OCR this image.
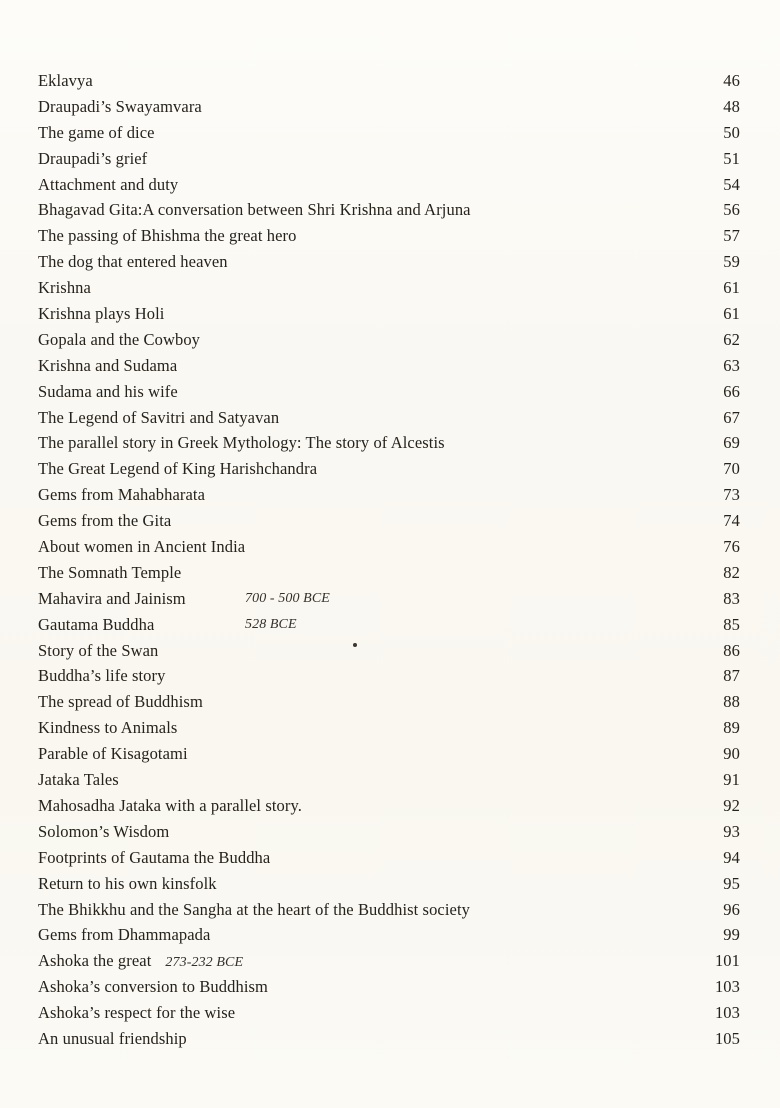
Eklavya	46
Draupadi’s Swayamvara	48
The game of dice	50
Draupadi’s grief	51
Attachment and duty	54
Bhagavad Gita:A conversation between Shri Krishna and Arjuna	56
The passing of Bhishma the great hero	57
The dog that entered heaven	59
Krishna	61
Krishna plays Holi	61
Gopala and the Cowboy	62
Krishna and Sudama	63
Sudama and his wife	66
The Legend of Savitri and Satyavan	67
The parallel story in Greek Mythology: The story of Alcestis	69
The Great Legend of King Harishchandra	70
Gems from Mahabharata	73
Gems from the Gita	74
About women in Ancient India	76
The Somnath Temple	82
Mahavira and Jainism	700 - 500 BCE	83
Gautama Buddha	528 BCE	85
Story of the Swan	86
Buddha’s life story	87
The spread of Buddhism	88
Kindness to Animals	89
Parable of Kisagotami	90
Jataka Tales	91
Mahosadha Jataka with a parallel story.	92
Solomon’s Wisdom	93
Footprints of Gautama the Buddha	94
Return to his own kinsfolk	95
The Bhikkhu and the Sangha at the heart of the Buddhist society	96
Gems from Dhammapada	99
Ashoka the great 273-232 BCE	101
Ashoka’s conversion to Buddhism	103
Ashoka’s respect for the wise	103
An unusual friendship	105
